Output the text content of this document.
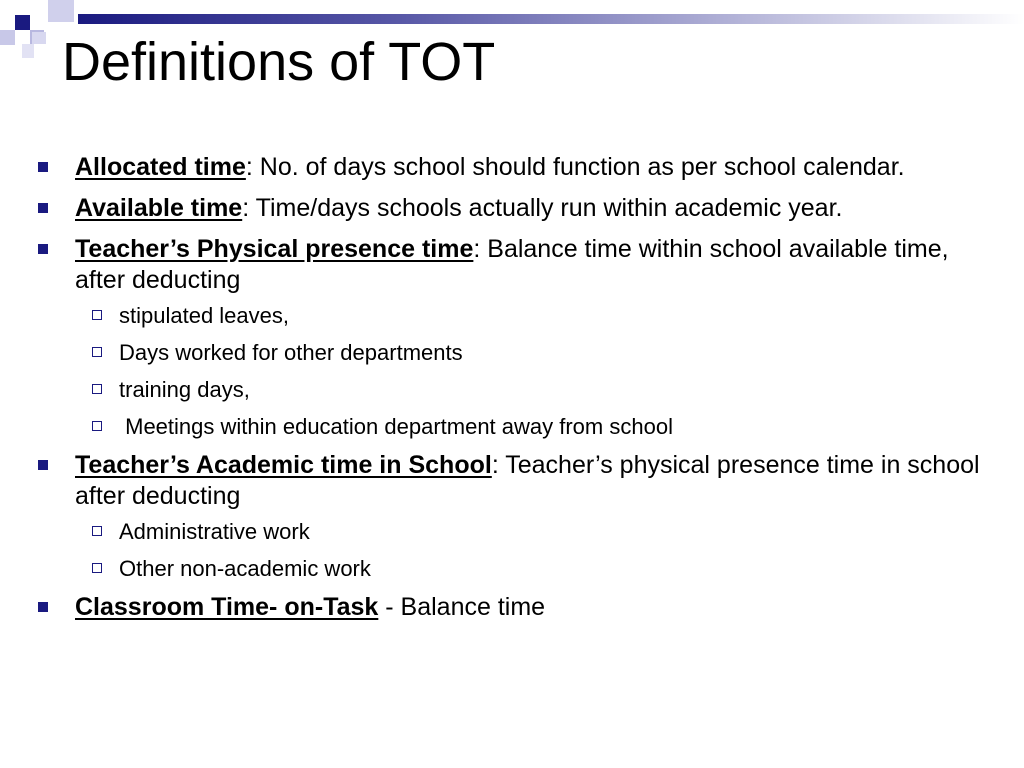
Definitions of TOT
Allocated time: No. of days school should function as per school calendar.
Available time: Time/days schools actually run within academic year.
Teacher’s Physical presence time: Balance time within school available time, after deducting
stipulated leaves,
Days worked for other departments
training days,
Meetings within education department away from school
Teacher’s Academic time in School: Teacher’s physical presence time in school after deducting
Administrative work
Other non-academic work
Classroom Time- on-Task - Balance time
